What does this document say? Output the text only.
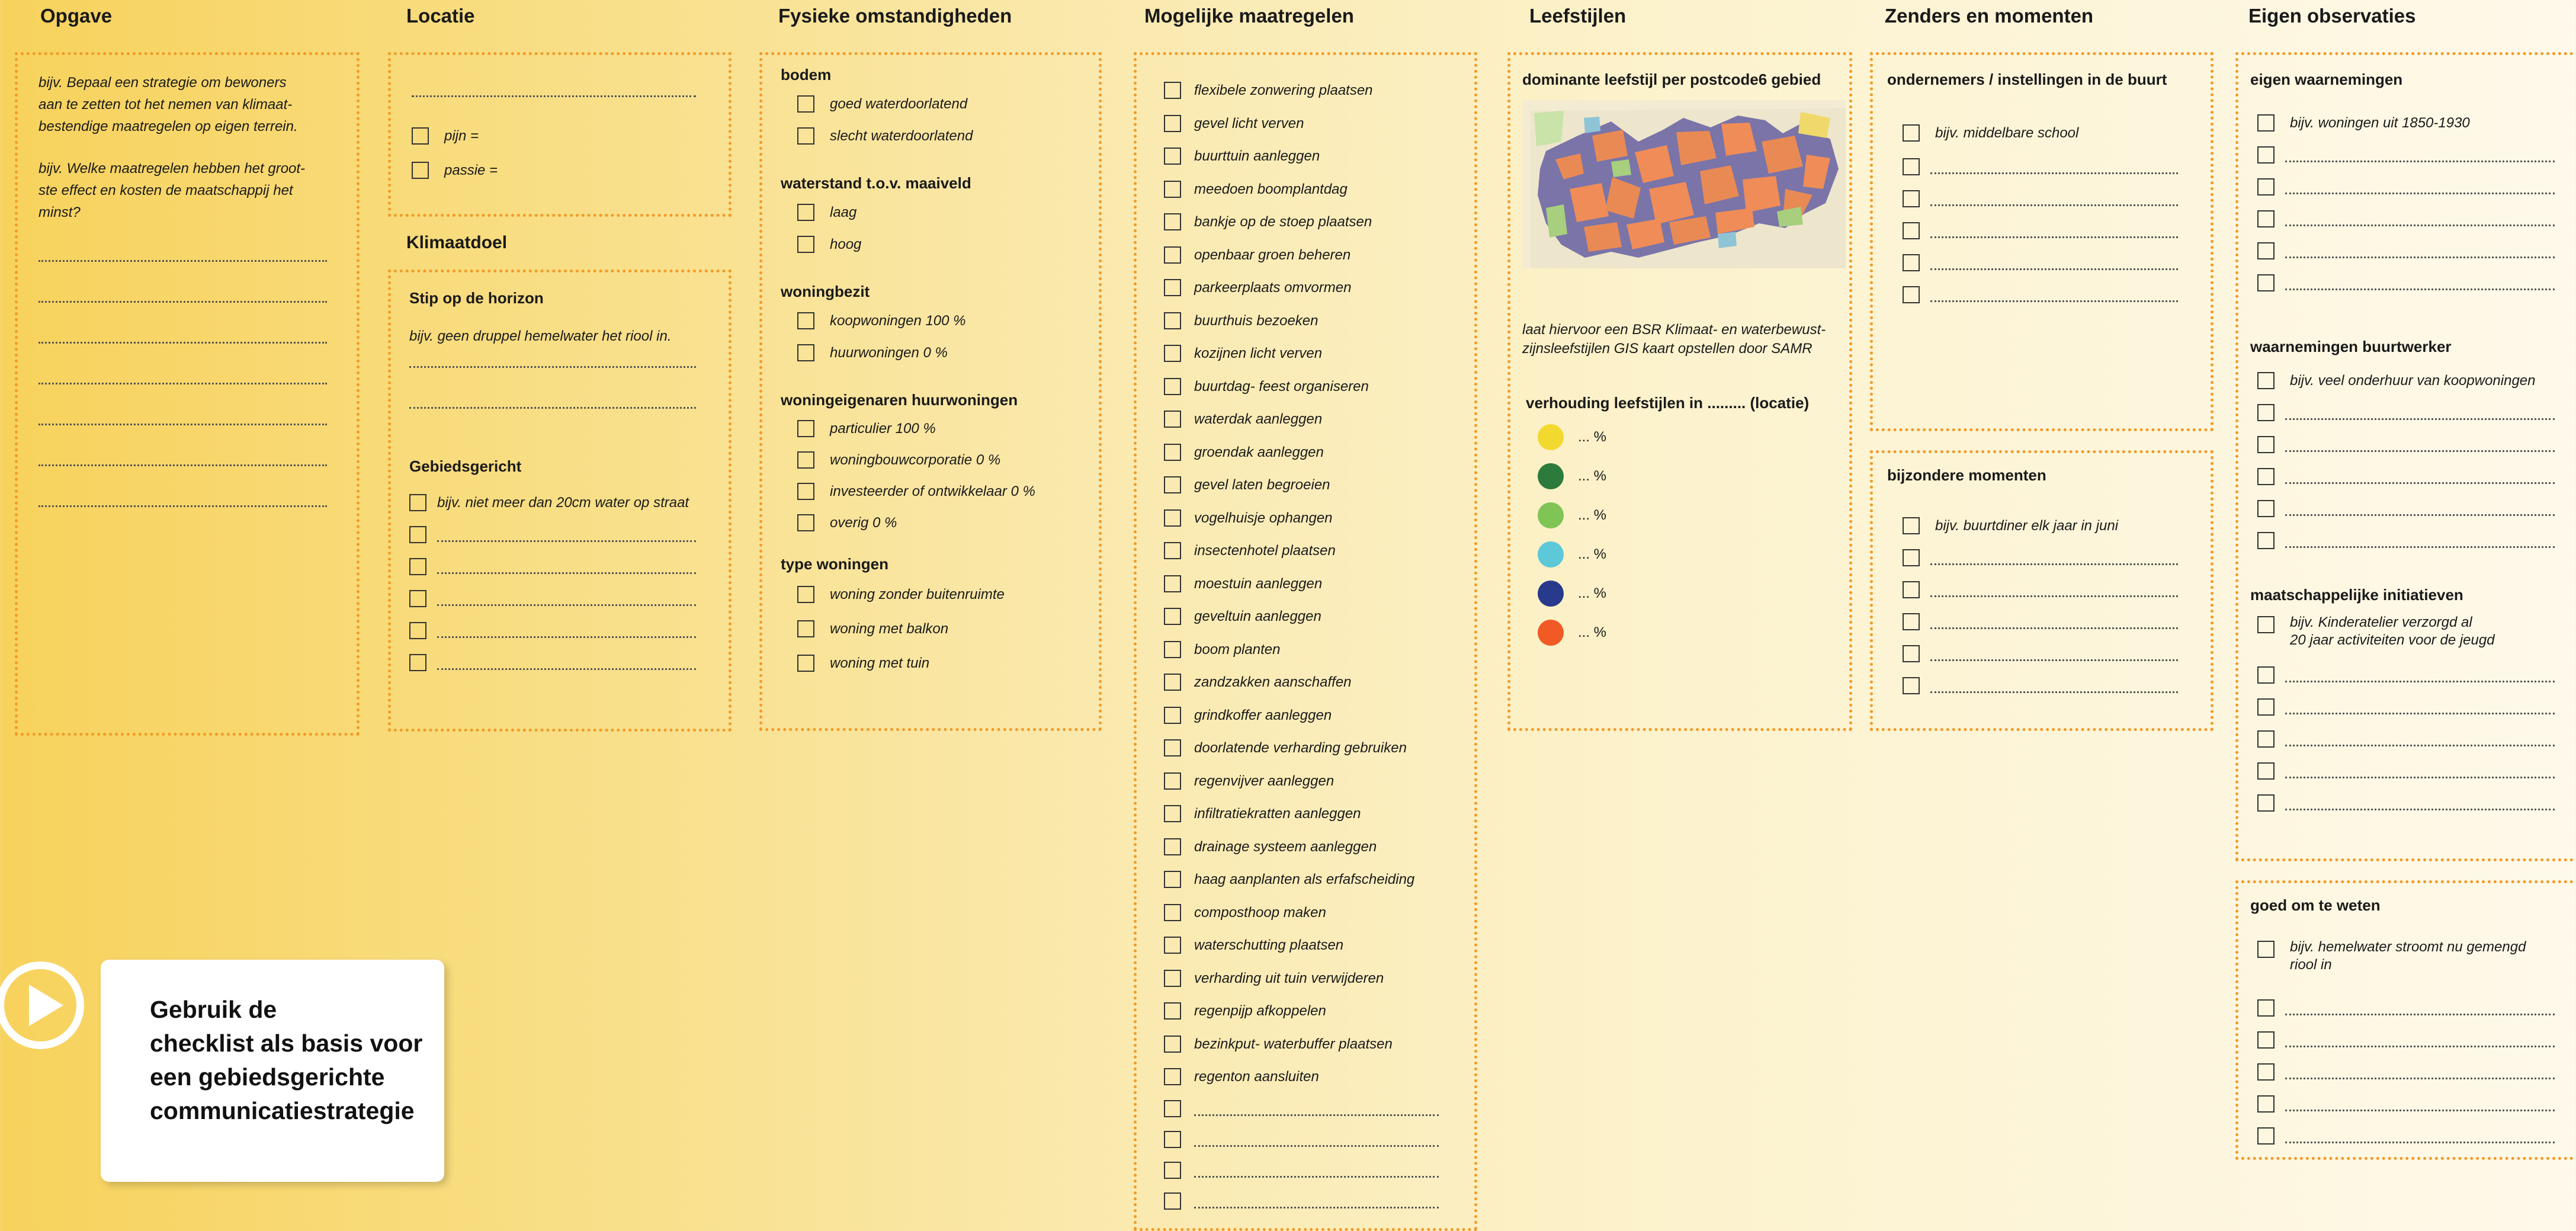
Opgave	Locatie	Fysieke omstandigheden	Mogelijke maatregelen	Leefstijlen	Zenders en momenten	Eigen observaties
bijv. Bepaal een strategie om bewoners
aan te zetten tot het nemen van klimaat-
bestendige maatregelen op eigen terrein.
bijv. Welke maatregelen hebben het groot-
ste effect en kosten de maatschappij het
minst?
pijn =
passie =
Klimaatdoel
Stip op de horizon
bijv. geen druppel hemelwater het riool in.
Gebiedsgericht
bijv. niet meer dan 20cm water op straat
bodem
goed waterdoorlatend
slecht waterdoorlatend
waterstand t.o.v. maaiveld
laag
hoog
woningbezit
koopwoningen 100 %
huurwoningen 0 %
woningeigenaren huurwoningen
particulier 100 %
woningbouwcorporatie 0 %
investeerder of ontwikkelaar 0 %
overig 0 %
type woningen
woning zonder buitenruimte
woning met balkon
woning met tuin
flexibele zonwering plaatsen
gevel licht verven
buurttuin aanleggen
meedoen boomplantdag
bankje op de stoep plaatsen
openbaar groen beheren
parkeerplaats omvormen
buurthuis bezoeken
kozijnen licht verven
buurtdag- feest organiseren
waterdak aanleggen
groendak aanleggen
gevel laten begroeien
vogelhuisje ophangen
insectenhotel plaatsen
moestuin aanleggen
geveltuin aanleggen
boom planten
zandzakken aanschaffen
grindkoffer aanleggen
doorlatende verharding gebruiken
regenvijver aanleggen
infiltratiekratten aanleggen
drainage systeem aanleggen
haag aanplanten als erfafscheiding
composthoop maken
waterschutting plaatsen
verharding uit tuin verwijderen
regenpijp afkoppelen
bezinkput- waterbuffer plaatsen
regenton aansluiten
dominante leefstijl per postcode6 gebied
laat hiervoor een BSR Klimaat- en waterbewust-
zijnsleefstijlen GIS kaart opstellen door SAMR
verhouding leefstijlen in ......... (locatie)
... %
... %
... %
... %
... %
... %
ondernemers / instellingen in de buurt
bijv. middelbare school
bijzondere momenten
bijv. buurtdiner elk jaar in juni
eigen waarnemingen
bijv. woningen uit 1850-1930
waarnemingen buurtwerker
bijv. veel onderhuur van koopwoningen
maatschappelijke initiatieven
bijv. Kinderatelier verzorgd al
20 jaar activiteiten voor de jeugd
goed om te weten
bijv. hemelwater stroomt nu gemengd
riool in
Gebruik de
checklist als basis voor
een gebiedsgerichte
communicatiestrategie
